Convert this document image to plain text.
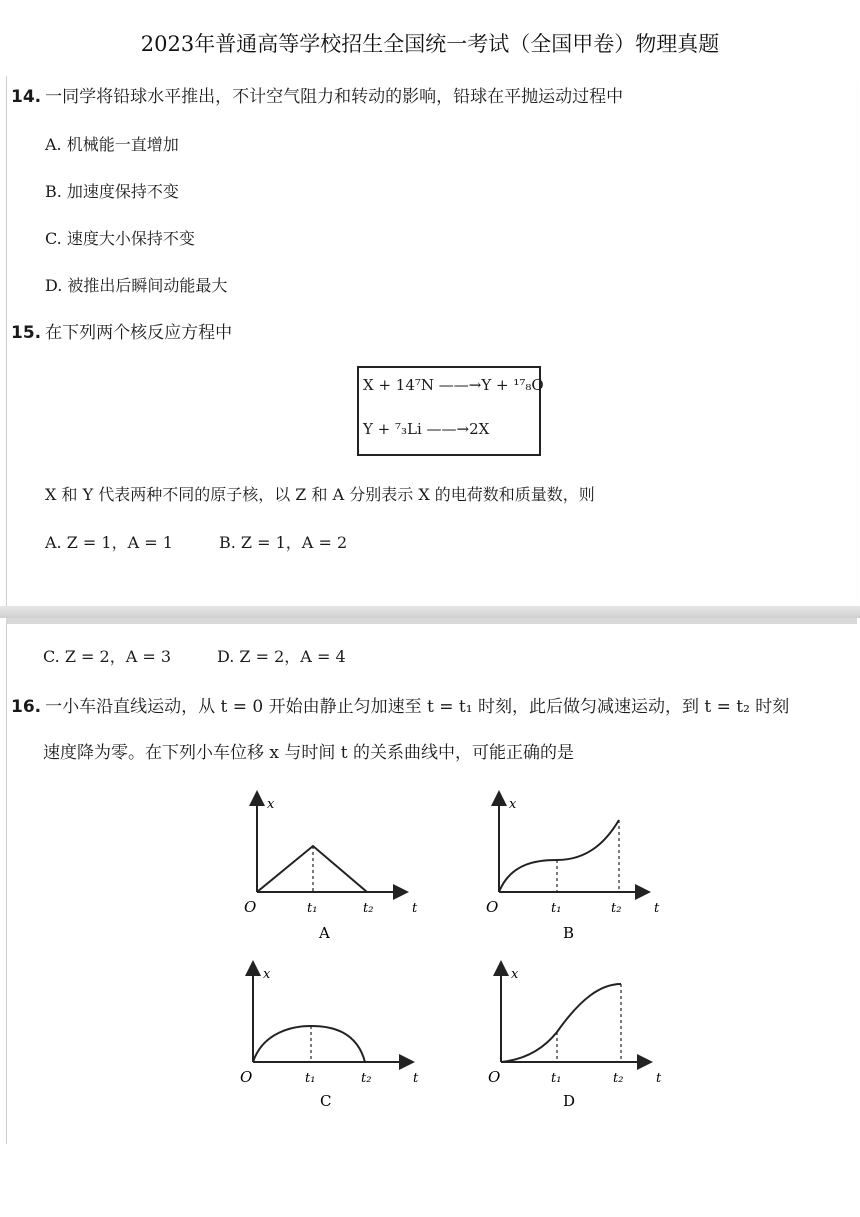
2023年普通高等学校招生全国统一考试（全国甲卷）物理真题
14. 一同学将铅球水平推出，不计空气阻力和转动的影响，铅球在平抛运动过程中
A. 机械能一直增加
B. 加速度保持不变
C. 速度大小保持不变
D. 被推出后瞬间动能最大
15. 在下列两个核反应方程中
X + 14⁷N ——→Y + ¹⁷₈O
Y + ⁷₃Li ——→2X
X 和 Y 代表两种不同的原子核，以 Z 和 A 分别表示 X 的电荷数和质量数，则
A. Z = 1，A = 1	B. Z = 1，A = 2
C. Z = 2，A = 3	D. Z = 2，A = 4
16. 一小车沿直线运动，从 t = 0 开始由静止匀加速至 t = t₁ 时刻，此后做匀减速运动，到 t = t₂ 时刻
速度降为零。在下列小车位移 x 与时间 t 的关系曲线中，可能正确的是
x
O	t₁	t₂	t
A
x
O	t₁	t₂	t
B
x
O	t₁	t₂	t
C
x
O	t₁	t₂	t
D
